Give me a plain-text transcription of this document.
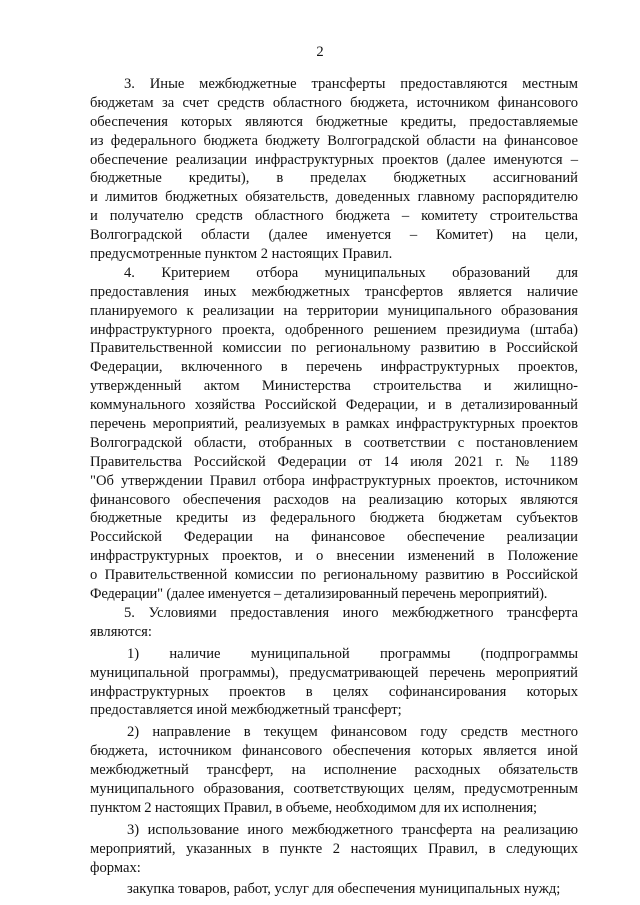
2
3. Иные межбюджетные трансферты предоставляются местным
бюджетам за счет средств областного бюджета, источником финансового
обеспечения которых являются бюджетные кредиты, предоставляемые
из федерального бюджета бюджету Волгоградской области на финансовое
обеспечение реализации инфраструктурных проектов (далее именуются –
бюджетные кредиты), в пределах бюджетных ассигнований
и лимитов бюджетных обязательств, доведенных главному распорядителю
и получателю средств областного бюджета – комитету строительства
Волгоградской области (далее именуется – Комитет) на цели,
предусмотренные пунктом 2 настоящих Правил.
4. Критерием отбора муниципальных образований для
предоставления иных межбюджетных трансфертов является наличие
планируемого к реализации на территории муниципального образования
инфраструктурного проекта, одобренного решением президиума (штаба)
Правительственной комиссии по региональному развитию в Российской
Федерации, включенного в перечень инфраструктурных проектов,
утвержденный актом Министерства строительства и жилищно-
коммунального хозяйства Российской Федерации, и в детализированный
перечень мероприятий, реализуемых в рамках инфраструктурных проектов
Волгоградской области, отобранных в соответствии с постановлением
Правительства Российской Федерации от 14 июля 2021 г. № 1189
"Об утверждении Правил отбора инфраструктурных проектов, источником
финансового обеспечения расходов на реализацию которых являются
бюджетные кредиты из федерального бюджета бюджетам субъектов
Российской Федерации на финансовое обеспечение реализации
инфраструктурных проектов, и о внесении изменений в Положение
о Правительственной комиссии по региональному развитию в Российской
Федерации" (далее именуется – детализированный перечень мероприятий).
5. Условиями предоставления иного межбюджетного трансферта
являются:
1) наличие муниципальной программы (подпрограммы
муниципальной программы), предусматривающей перечень мероприятий
инфраструктурных проектов в целях софинансирования которых
предоставляется иной межбюджетный трансферт;
2) направление в текущем финансовом году средств местного
бюджета, источником финансового обеспечения которых является иной
межбюджетный трансферт, на исполнение расходных обязательств
муниципального образования, соответствующих целям, предусмотренным
пунктом 2 настоящих Правил, в объеме, необходимом для их исполнения;
3) использование иного межбюджетного трансферта на реализацию
мероприятий, указанных в пункте 2 настоящих Правил, в следующих
формах:
закупка товаров, работ, услуг для обеспечения муниципальных нужд;
